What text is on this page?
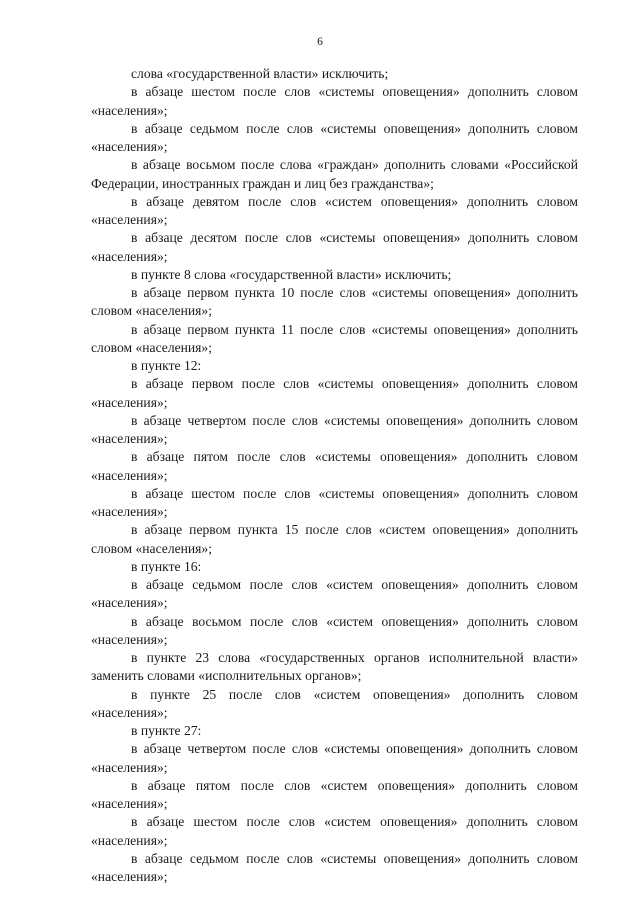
6

слова «государственной власти» исключить;

в абзаце шестом после слов «системы оповещения» дополнить словом «населения»;

в абзаце седьмом после слов «системы оповещения» дополнить словом «населения»;

в абзаце восьмом после слова «граждан» дополнить словами «Российской Федерации, иностранных граждан и лиц без гражданства»;

в абзаце девятом после слов «систем оповещения» дополнить словом «населения»;

в абзаце десятом после слов «системы оповещения» дополнить словом «населения»;

в пункте 8 слова «государственной власти» исключить;

в абзаце первом пункта 10 после слов «системы оповещения» дополнить словом «населения»;

в абзаце первом пункта 11 после слов «системы оповещения» дополнить словом «населения»;

в пункте 12:

в абзаце первом после слов «системы оповещения» дополнить словом «населения»;

в абзаце четвертом после слов «системы оповещения» дополнить словом «населения»;

в абзаце пятом после слов «системы оповещения» дополнить словом «населения»;

в абзаце шестом после слов «системы оповещения» дополнить словом «населения»;

в абзаце первом пункта 15 после слов «систем оповещения» дополнить словом «населения»;

в пункте 16:

в абзаце седьмом после слов «систем оповещения» дополнить словом «населения»;

в абзаце восьмом после слов «систем оповещения» дополнить словом «населения»;

в пункте 23 слова «государственных органов исполнительной власти» заменить словами «исполнительных органов»;

в пункте 25 после слов «систем оповещения» дополнить словом «населения»;

в пункте 27:

в абзаце четвертом после слов «системы оповещения» дополнить словом «населения»;

в абзаце пятом после слов «систем оповещения» дополнить словом «населения»;

в абзаце шестом после слов «систем оповещения» дополнить словом «населения»;

в абзаце седьмом после слов «системы оповещения» дополнить словом «населения»;
